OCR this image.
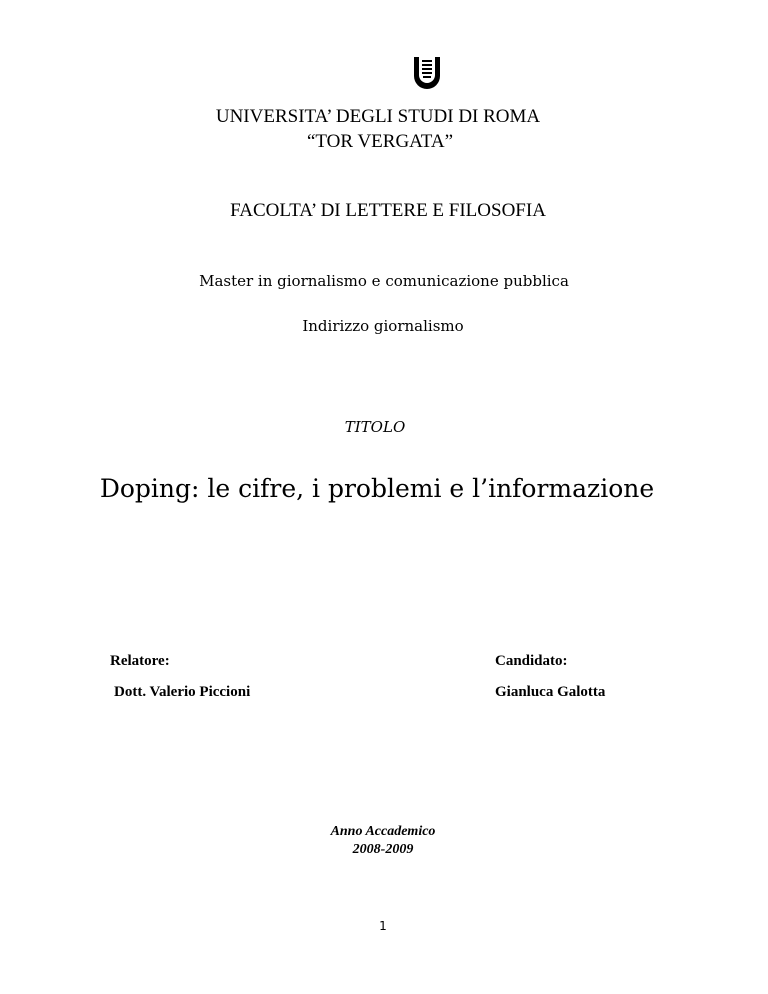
UNIVERSITA’ DEGLI STUDI DI ROMA
“TOR VERGATA”
FACOLTA’ DI LETTERE E FILOSOFIA
Master in giornalismo e comunicazione pubblica
Indirizzo giornalismo
TITOLO
Doping: le cifre, i problemi e l’informazione
Relatore:
Dott. Valerio Piccioni
Candidato:
Gianluca Galotta
Anno Accademico
2008-2009
1
